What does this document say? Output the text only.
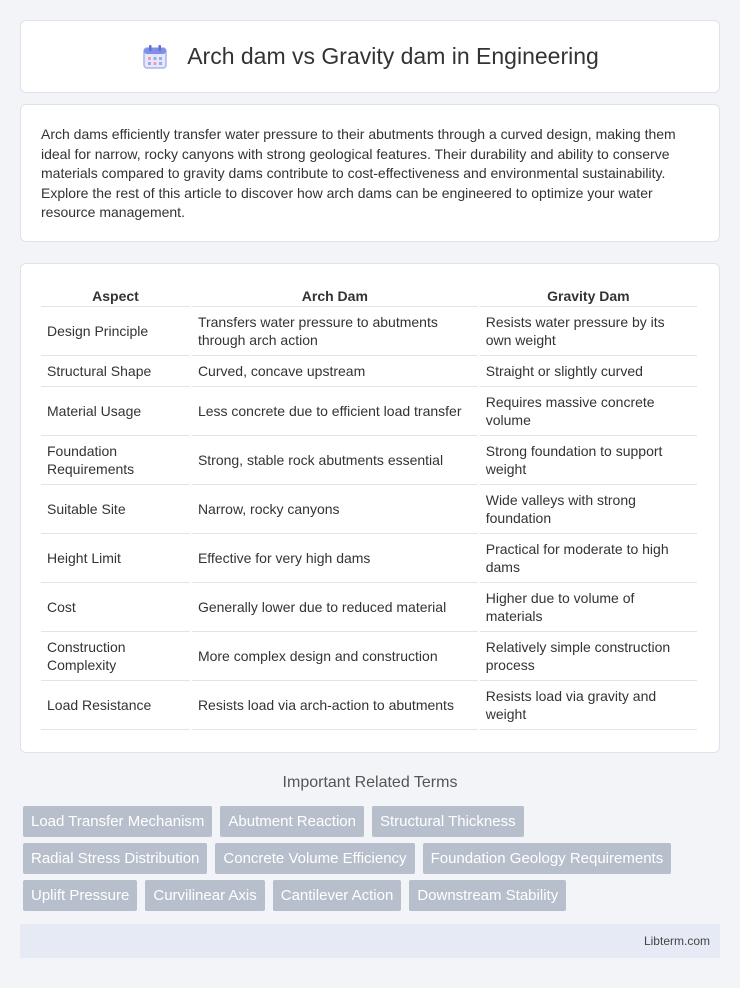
Arch dam vs Gravity dam in Engineering

Arch dams efficiently transfer water pressure to their abutments through a curved design, making them ideal for narrow, rocky canyons with strong geological features. Their durability and ability to conserve materials compared to gravity dams contribute to cost-effectiveness and environmental sustainability. Explore the rest of this article to discover how arch dams can be engineered to optimize your water resource management.

Aspect	Arch Dam	Gravity Dam
Design Principle	Transfers water pressure to abutments through arch action	Resists water pressure by its own weight
Structural Shape	Curved, concave upstream	Straight or slightly curved
Material Usage	Less concrete due to efficient load transfer	Requires massive concrete volume
Foundation Requirements	Strong, stable rock abutments essential	Strong foundation to support weight
Suitable Site	Narrow, rocky canyons	Wide valleys with strong foundation
Height Limit	Effective for very high dams	Practical for moderate to high dams
Cost	Generally lower due to reduced material	Higher due to volume of materials
Construction Complexity	More complex design and construction	Relatively simple construction process
Load Resistance	Resists load via arch-action to abutments	Resists load via gravity and weight
Important Related Terms
Load Transfer Mechanism	Abutment Reaction	Structural Thickness
Radial Stress Distribution	Concrete Volume Efficiency	Foundation Geology Requirements
Uplift Pressure	Curvilinear Axis	Cantilever Action	Downstream Stability
Libterm.com
